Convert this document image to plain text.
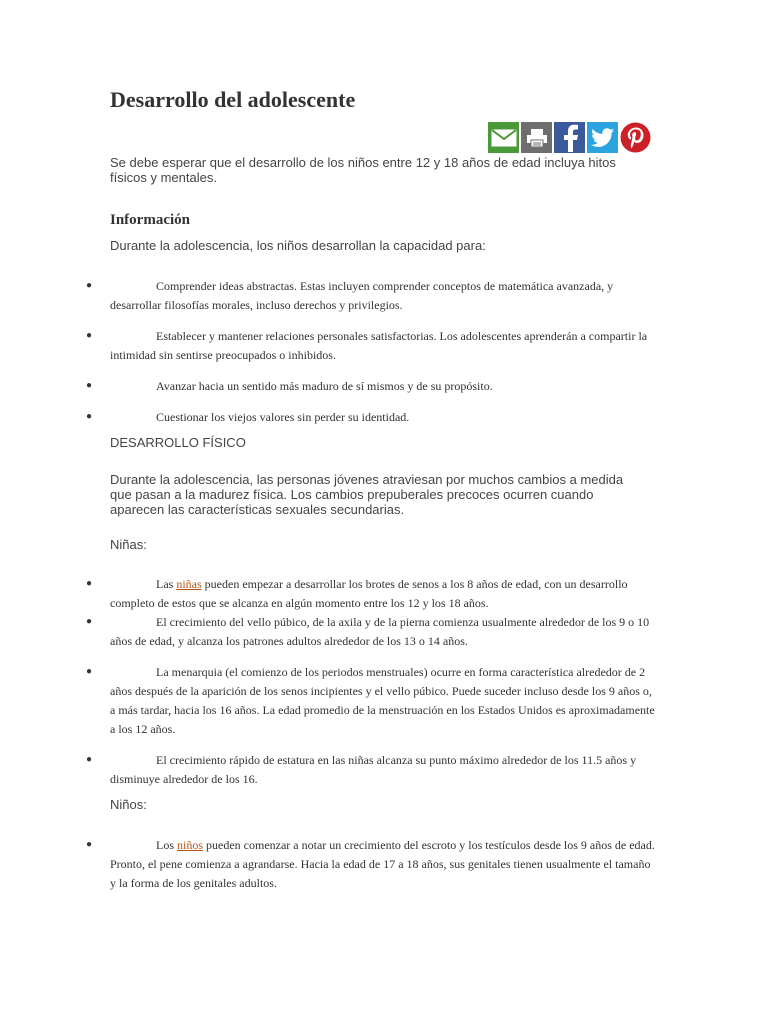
Desarrollo del adolescente
Se debe esperar que el desarrollo de los niños entre 12 y 18 años de edad incluya hitos físicos y mentales.
Información
Durante la adolescencia, los niños desarrollan la capacidad para:
●	Comprender ideas abstractas. Estas incluyen comprender conceptos de matemática avanzada, y desarrollar filosofías morales, incluso derechos y privilegios.
●	Establecer y mantener relaciones personales satisfactorias. Los adolescentes aprenderán a compartir la intimidad sin sentirse preocupados o inhibidos.
●	Avanzar hacia un sentido más maduro de sí mismos y de su propósito.
●	Cuestionar los viejos valores sin perder su identidad.
DESARROLLO FÍSICO
Durante la adolescencia, las personas jóvenes atraviesan por muchos cambios a medida que pasan a la madurez física. Los cambios prepuberales precoces ocurren cuando aparecen las características sexuales secundarias.
Niñas:
●	Las niñas pueden empezar a desarrollar los brotes de senos a los 8 años de edad, con un desarrollo completo de estos que se alcanza en algún momento entre los 12 y los 18 años.
●	El crecimiento del vello púbico, de la axila y de la pierna comienza usualmente alrededor de los 9 o 10 años de edad, y alcanza los patrones adultos alrededor de los 13 o 14 años.
●	La menarquia (el comienzo de los periodos menstruales) ocurre en forma característica alrededor de 2 años después de la aparición de los senos incipientes y el vello púbico. Puede suceder incluso desde los 9 años o, a más tardar, hacia los 16 años. La edad promedio de la menstruación en los Estados Unidos es aproximadamente a los 12 años.
●	El crecimiento rápido de estatura en las niñas alcanza su punto máximo alrededor de los 11.5 años y disminuye alrededor de los 16.
Niños:
●	Los niños pueden comenzar a notar un crecimiento del escroto y los testículos desde los 9 años de edad. Pronto, el pene comienza a agrandarse. Hacia la edad de 17 a 18 años, sus genitales tienen usualmente el tamaño y la forma de los genitales adultos.
